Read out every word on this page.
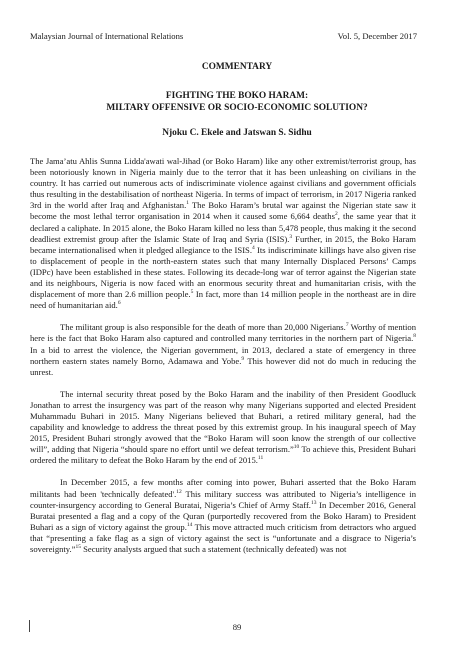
Malaysian Journal of International Relations	Vol. 5, December 2017
COMMENTARY
FIGHTING THE BOKO HARAM:
MILTARY OFFENSIVE OR SOCIO-ECONOMIC SOLUTION?
Njoku C. Ekele and Jatswan S. Sidhu

The Jama’atu Ahlis Sunna Lidda'awati wal-Jihad (or Boko Haram) like any other extremist/terrorist group, has been notoriously known in Nigeria mainly due to the terror that it has been unleashing on civilians in the country. It has carried out numerous acts of indiscriminate violence against civilians and government officials thus resulting in the destabilisation of northeast Nigeria. In terms of impact of terrorism, in 2017 Nigeria ranked 3rd in the world after Iraq and Afghanistan.$^1$ The Boko Haram’s brutal war against the Nigerian state saw it become the most lethal terror organisation in 2014 when it caused some 6,664 deaths$^2$, the same year that it declared a caliphate. In 2015 alone, the Boko Haram killed no less than 5,478 people, thus making it the second deadliest extremist group after the Islamic State of Iraq and Syria (ISIS).$^3$ Further, in 2015, the Boko Haram became internationalised when it pledged allegiance to the ISIS.$^4$ Its indiscriminate killings have also given rise to displacement of people in the north-eastern states such that many Internally Displaced Persons’ Camps (IDPc) have been established in these states. Following its decade-long war of terror against the Nigerian state and its neighbours, Nigeria is now faced with an enormous security threat and humanitarian crisis, with the displacement of more than 2.6 million people.$^5$ In fact, more than 14 million people in the northeast are in dire need of humanitarian aid.$^6$

The militant group is also responsible for the death of more than 20,000 Nigerians.$^7$ Worthy of mention here is the fact that Boko Haram also captured and controlled many territories in the northern part of Nigeria.$^8$ In a bid to arrest the violence, the Nigerian government, in 2013, declared a state of emergency in three northern eastern states namely Borno, Adamawa and Yobe.$^9$ This however did not do much in reducing the unrest.

The internal security threat posed by the Boko Haram and the inability of then President Goodluck Jonathan to arrest the insurgency was part of the reason why many Nigerians supported and elected President Muhammadu Buhari in 2015. Many Nigerians believed that Buhari, a retired military general, had the capability and knowledge to address the threat posed by this extremist group. In his inaugural speech of May 2015, President Buhari strongly avowed that the “Boko Haram will soon know the strength of our collective will”, adding that Nigeria “should spare no effort until we defeat terrorism.”$^{10}$ To achieve this, President Buhari ordered the military to defeat the Boko Haram by the end of 2015.11

In December 2015, a few months after coming into power, Buhari asserted that the Boko Haram militants had been 'technically defeated'.$^{12}$ This military success was attributed to Nigeria’s intelligence in counter-insurgency according to General Buratai, Nigeria’s Chief of Army Staff.$^{13}$ In December 2016, General Buratai presented a flag and a copy of the Quran (purportedly recovered from the Boko Haram) to President Buhari as a sign of victory against the group.$^{14}$ This move attracted much criticism from detractors who argued that “presenting a fake flag as a sign of victory against the sect is “unfortunate and a disgrace to Nigeria’s sovereignty.”$^{15}$ Security analysts argued that such a statement (technically defeated) was not

89
